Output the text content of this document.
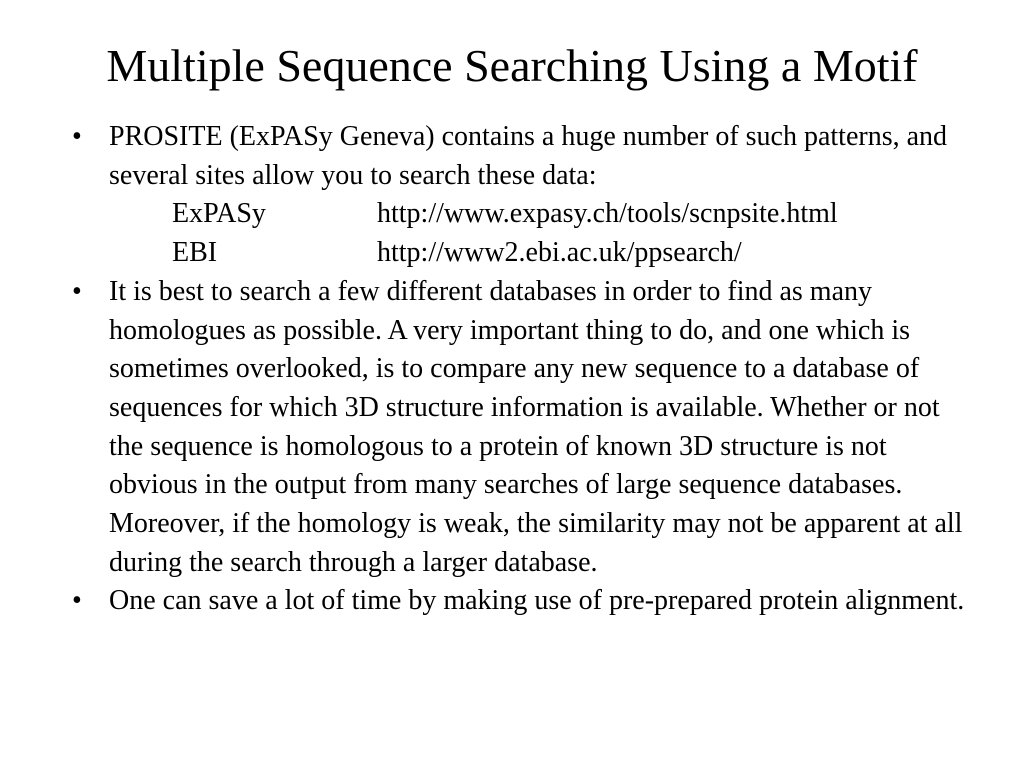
Multiple Sequence Searching Using a Motif
• PROSITE (ExPASy Geneva) contains a huge number of such patterns, and several sites allow you to search these data:
ExPASy	http://www.expasy.ch/tools/scnpsite.html
EBI	http://www2.ebi.ac.uk/ppsearch/
• It is best to search a few different databases in order to find as many homologues as possible. A very important thing to do, and one which is sometimes overlooked, is to compare any new sequence to a database of sequences for which 3D structure information is available. Whether or not the sequence is homologous to a protein of known 3D structure is not obvious in the output from many searches of large sequence databases. Moreover, if the homology is weak, the similarity may not be apparent at all during the search through a larger database.
• One can save a lot of time by making use of pre-prepared protein alignment.
